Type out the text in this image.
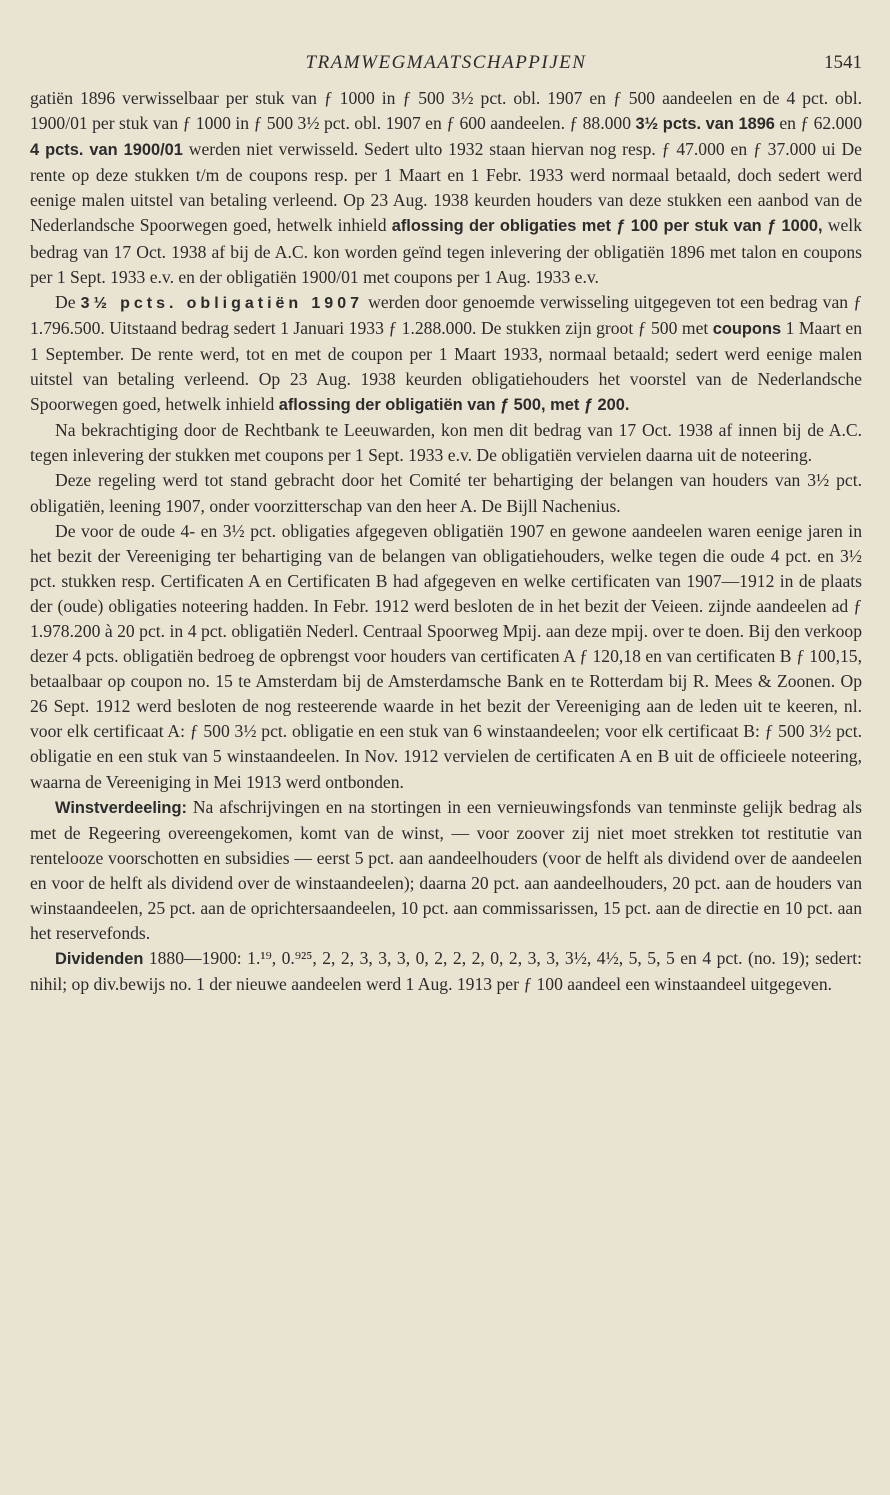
TRAMWEGMAATSCHAPPIJEN	1541

gatiën 1896 verwisselbaar per stuk van ƒ 1000 in ƒ 500 3½ pct. obl. 1907 en ƒ 500 aandeelen en de 4 pct. obl. 1900/01 per stuk van ƒ 1000 in ƒ 500 3½ pct. obl. 1907 en ƒ 600 aandeelen. ƒ 88.000 3½ pcts. van 1896 en ƒ 62.000 4 pcts. van 1900/01 werden niet verwisseld. Sedert ulto 1932 staan hiervan nog resp. ƒ 47.000 en ƒ 37.000 ui De rente op deze stukken t/m de coupons resp. per 1 Maart en 1 Febr. 1933 werd normaal betaald, doch sedert werd eenige malen uitstel van betaling verleend. Op 23 Aug. 1938 keurden houders van deze stukken een aanbod van de Nederlandsche Spoorwegen goed, hetwelk inhield aflossing der obligaties met ƒ 100 per stuk van ƒ 1000, welk bedrag van 17 Oct. 1938 af bij de A.C. kon worden geïnd tegen inlevering der obligatiën 1896 met talon en coupons per 1 Sept. 1933 e.v. en der obligatiën 1900/01 met coupons per 1 Aug. 1933 e.v.

De 3½ pcts. obligatiën 1907 werden door genoemde verwisseling uitgegeven tot een bedrag van ƒ 1.796.500. Uitstaand bedrag sedert 1 Januari 1933 ƒ 1.288.000. De stukken zijn groot ƒ 500 met coupons 1 Maart en 1 September. De rente werd, tot en met de coupon per 1 Maart 1933, normaal betaald; sedert werd eenige malen uitstel van betaling verleend. Op 23 Aug. 1938 keurden obligatiehouders het voorstel van de Nederlandsche Spoorwegen goed, hetwelk inhield aflossing der obligatiën van ƒ 500, met ƒ 200.

Na bekrachtiging door de Rechtbank te Leeuwarden, kon men dit bedrag van 17 Oct. 1938 af innen bij de A.C. tegen inlevering der stukken met coupons per 1 Sept. 1933 e.v. De obligatiën vervielen daarna uit de noteering.

Deze regeling werd tot stand gebracht door het Comité ter behartiging der belangen van houders van 3½ pct. obligatiën, leening 1907, onder voorzitterschap van den heer A. De Bijll Nachenius.

De voor de oude 4- en 3½ pct. obligaties afgegeven obligatiën 1907 en gewone aandeelen waren eenige jaren in het bezit der Vereeniging ter behartiging van de belangen van obligatiehouders, welke tegen die oude 4 pct. en 3½ pct. stukken resp. Certificaten A en Certificaten B had afgegeven en welke certificaten van 1907—1912 in de plaats der (oude) obligaties noteering hadden. In Febr. 1912 werd besloten de in het bezit der Veieen. zijnde aandeelen ad ƒ 1.978.200 à 20 pct. in 4 pct. obligatiën Nederl. Centraal Spoorweg Mpij. aan deze mpij. over te doen. Bij den verkoop dezer 4 pcts. obligatiën bedroeg de opbrengst voor houders van certificaten A ƒ 120,18 en van certificaten B ƒ 100,15, betaalbaar op coupon no. 15 te Amsterdam bij de Amsterdamsche Bank en te Rotterdam bij R. Mees & Zoonen. Op 26 Sept. 1912 werd besloten de nog resteerende waarde in het bezit der Vereeniging aan de leden uit te keeren, nl. voor elk certificaat A: ƒ 500 3½ pct. obligatie en een stuk van 6 winstaandeelen; voor elk certificaat B: ƒ 500 3½ pct. obligatie en een stuk van 5 winstaandeelen. In Nov. 1912 vervielen de certificaten A en B uit de officieele noteering, waarna de Vereeniging in Mei 1913 werd ontbonden.

Winstverdeeling: Na afschrijvingen en na stortingen in een vernieuwingsfonds van tenminste gelijk bedrag als met de Regeering overeengekomen, komt van de winst, — voor zoover zij niet moet strekken tot restitutie van rentelooze voorschotten en subsidies — eerst 5 pct. aan aandeelhouders (voor de helft als dividend over de aandeelen en voor de helft als dividend over de winstaandeelen); daarna 20 pct. aan aandeelhouders, 20 pct. aan de houders van winstaandeelen, 25 pct. aan de oprichtersaandeelen, 10 pct. aan commissarissen, 15 pct. aan de directie en 10 pct. aan het reservefonds.

Dividenden 1880—1900: 1.¹⁹, 0.⁹²⁵, 2, 2, 3, 3, 3, 0, 2, 2, 2, 0, 2, 3, 3, 3½, 4½, 5, 5, 5 en 4 pct. (no. 19); sedert: nihil; op div.bewijs no. 1 der nieuwe aandeelen werd 1 Aug. 1913 per ƒ 100 aandeel een winstaandeel uitgegeven.
